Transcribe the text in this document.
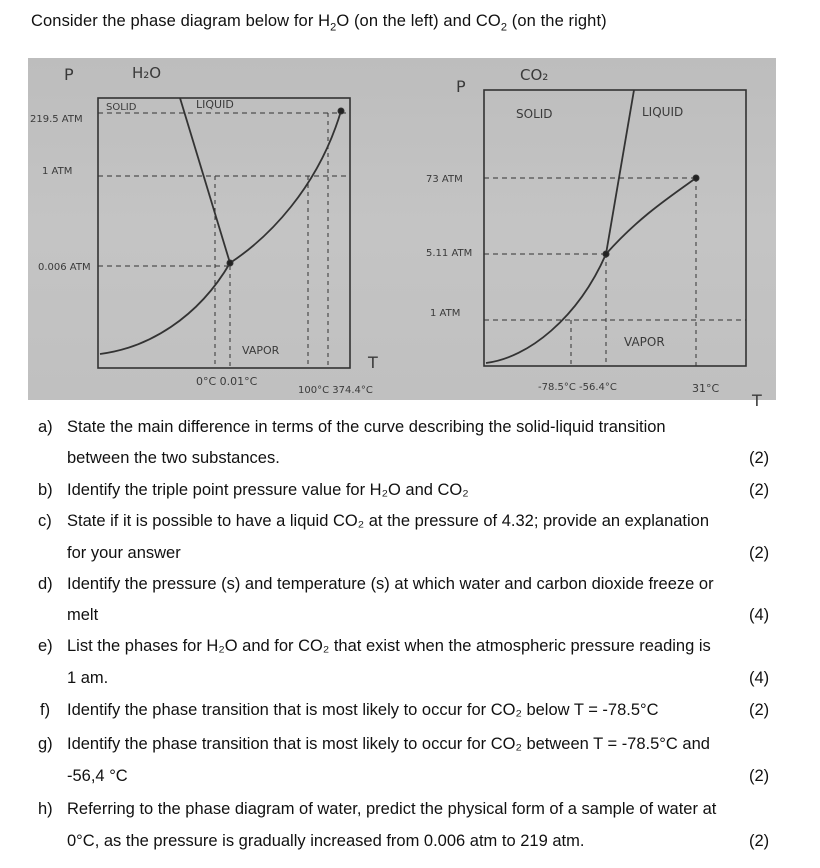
Consider the phase diagram below for $H_2O$ (on the left) and $CO_2$ (on the right)
P	H₂O
219.5 ATM
1 ATM
0.006 ATM
SOLID	LIQUID
VAPOR
0°C 0.01°C
100°C 374.4°C
T
P
CO₂
73 ATM
5.11 ATM
1 ATM
SOLID	LIQUID
VAPOR
-78.5°C -56.4°C	31°C
T
a) State the main difference in terms of the curve describing the solid-liquid transition
between the two substances.	(2)
b) Identify the triple point pressure value for H₂O and CO₂	(2)
c) State if it is possible to have a liquid CO₂ at the pressure of 4.32; provide an explanation
for your answer	(2)
d) Identify the pressure (s) and temperature (s) at which water and carbon dioxide freeze or
melt	(4)
e) List the phases for H₂O and for CO₂ that exist when the atmospheric pressure reading is
1 am.	(4)
f) Identify the phase transition that is most likely to occur for CO₂ below T = -78.5°C	(2)
g) Identify the phase transition that is most likely to occur for CO₂ between T = -78.5°C and
-56,4 °C	(2)
h) Referring to the phase diagram of water, predict the physical form of a sample of water at
0°C, as the pressure is gradually increased from 0.006 atm to 219 atm.	(2)
